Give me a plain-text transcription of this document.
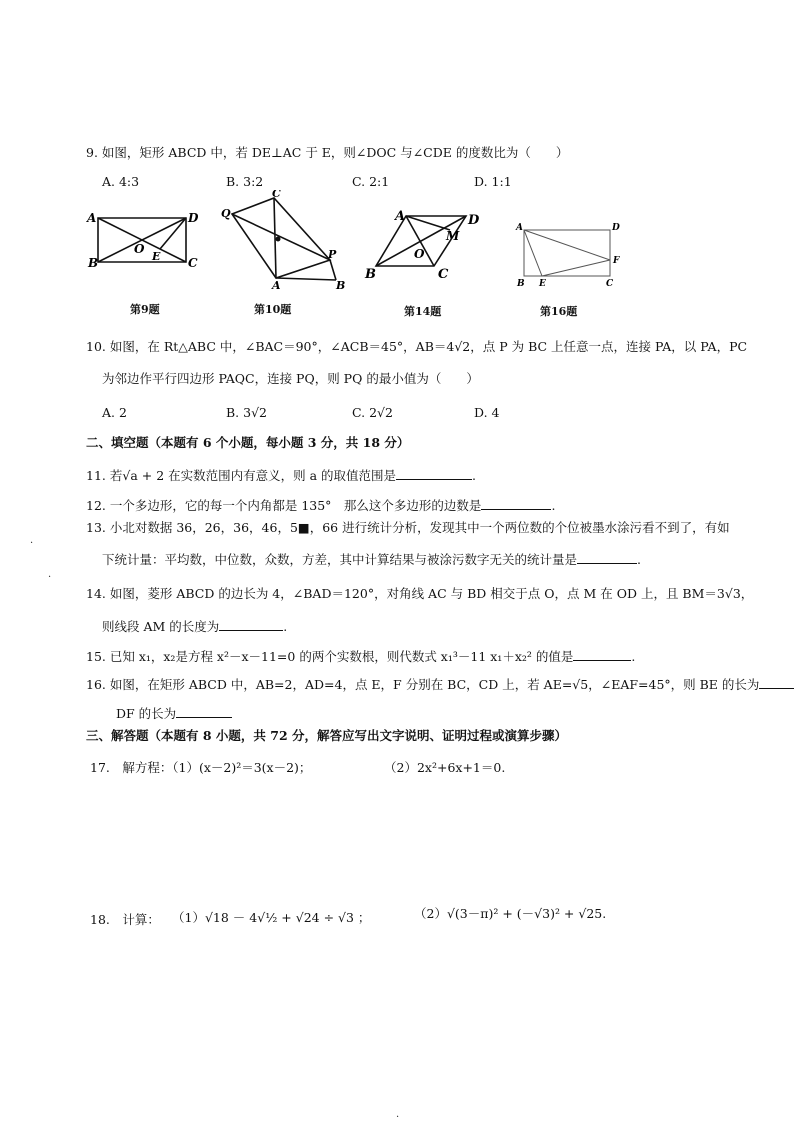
9. 如图，矩形 ABCD 中，若 DE⊥AC 于 E，则∠DOC 与∠CDE 的度数比为（　　）
A. 4:3	B. 3:2	C. 2:1	D. 1:1
A
B	C
D
O
E
Q
C
P
A	B
A	D
M
O
B	C
A	D
F
B E	C
第9题	第10题	第14题	第16题
10. 如图，在 Rt△ABC 中，∠BAC＝90°，∠ACB＝45°，AB＝4√2，点 P 为 BC 上任意一点，连接 PA，以 PA，PC
为邻边作平行四边形 PAQC，连接 PQ，则 PQ 的最小值为（　　）
A. 2	B. 3√2	C. 2√2	D. 4
二、填空题（本题有 6 个小题，每小题 3 分，共 18 分）
11. 若√a + 2 在实数范围内有意义，则 a 的取值范围是	.
12. 一个多边形，它的每一个内角都是 135°　那么这个多边形的边数是	.
13. 小北对数据 36，26，36，46，5■，66 进行统计分析，发现其中一个两位数的个位被墨水涂污看不到了，有如
下统计量：平均数，中位数，众数，方差，其中计算结果与被涂污数字无关的统计量是	.
14. 如图，菱形 ABCD 的边长为 4，∠BAD＝120°，对角线 AC 与 BD 相交于点 O，点 M 在 OD 上，且 BM＝3√3，
则线段 AM 的长度为	.
15. 已知 x₁，x₂是方程 x²－x－11=0 的两个实数根，则代数式 x₁³－11 x₁＋x₂² 的值是	.
16. 如图，在矩形 ABCD 中，AB=2，AD=4，点 E，F 分别在 BC，CD 上，若 AE=√5，∠EAF=45°，则 BE 的长为
DF 的长为
三、解答题（本题有 8 小题，共 72 分，解答应写出文字说明、证明过程或演算步骤）
17.　解方程：
（1）(x－2)²＝3(x－2)；	（2）2x²+6x+1＝0.
18.　计算： （1）√18 － 4√½ + √24 ÷ √3 ；	（2）√(3－π)² + (－√3)² + √25.
·
·
·
